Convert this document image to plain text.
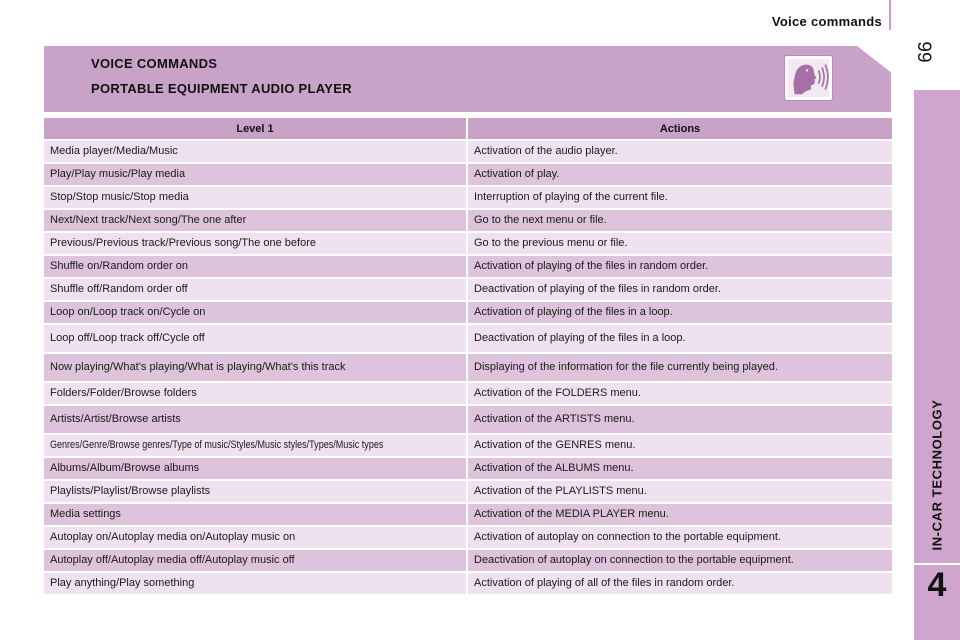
Voice commands
99
IN-CAR TECHNOLOGY
4
VOICE COMMANDS
PORTABLE EQUIPMENT AUDIO PLAYER
Level 1	Actions
Media player/Media/Music	Activation of the audio player.
Play/Play music/Play media	Activation of play.
Stop/Stop music/Stop media	Interruption of playing of the current file.
Next/Next track/Next song/The one after	Go to the next menu or file.
Previous/Previous track/Previous song/The one before	Go to the previous menu or file.
Shuffle on/Random order on	Activation of playing of the files in random order.
Shuffle off/Random order off	Deactivation of playing of the files in random order.
Loop on/Loop track on/Cycle on	Activation of playing of the files in a loop.
Loop off/Loop track off/Cycle off	Deactivation of playing of the files in a loop.
Now playing/What’s playing/What is playing/What’s this track	Displaying of the information for the file currently being played.
Folders/Folder/Browse folders	Activation of the FOLDERS menu.
Artists/Artist/Browse artists	Activation of the ARTISTS menu.
Genres/Genre/Browse genres/Type of music/Styles/Music styles/Types/Music types	Activation of the GENRES menu.
Albums/Album/Browse albums	Activation of the ALBUMS menu.
Playlists/Playlist/Browse playlists	Activation of the PLAYLISTS menu.
Media settings	Activation of the MEDIA PLAYER menu.
Autoplay on/Autoplay media on/Autoplay music on	Activation of autoplay on connection to the portable equipment.
Autoplay off/Autoplay media off/Autoplay music off	Deactivation of autoplay on connection to the portable equipment.
Play anything/Play something	Activation of playing of all of the files in random order.
